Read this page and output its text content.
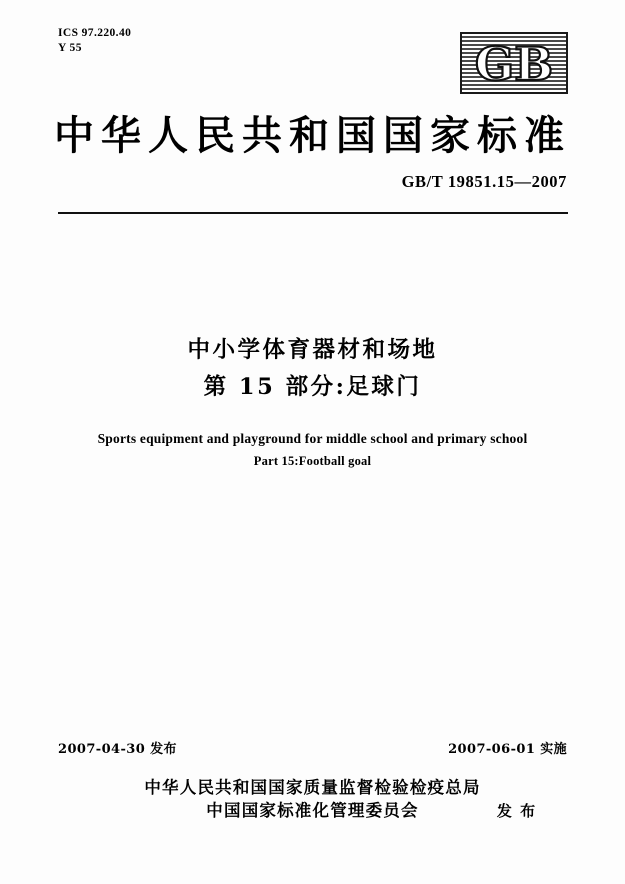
ICS 97.220.40
Y 55	GB
中华人民共和国国家标准
GB/T 19851.15—2007
中小学体育器材和场地
第 15 部分:足球门
Sports equipment and playground for middle school and primary school
Part 15:Football goal
2007-04-30 发布	2007-06-01 实施
中华人民共和国国家质量监督检验检疫总局
中国国家标准化管理委员会	发 布
